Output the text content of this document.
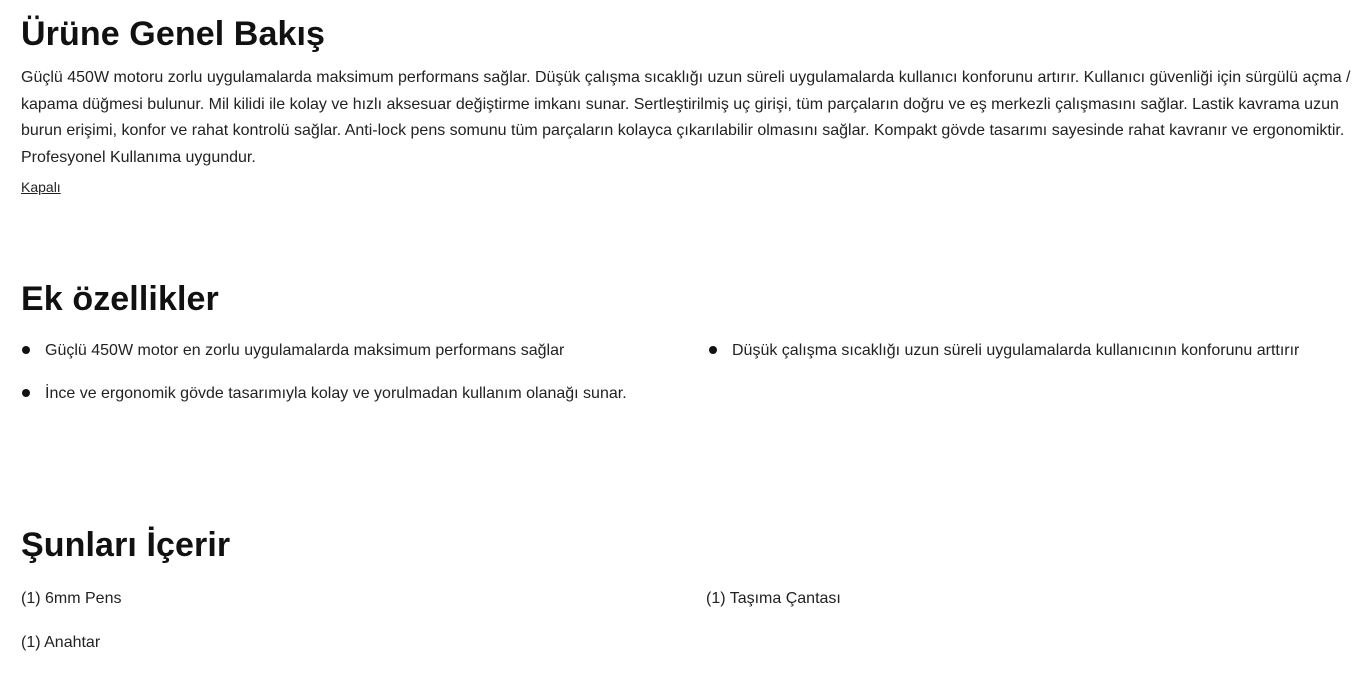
Ürüne Genel Bakış

Güçlü 450W motoru zorlu uygulamalarda maksimum performans sağlar. Düşük çalışma sıcaklığı uzun süreli uygulamalarda kullanıcı konforunu artırır. Kullanıcı güvenliği için sürgülü açma / kapama düğmesi bulunur. Mil kilidi ile kolay ve hızlı aksesuar değiştirme imkanı sunar. Sertleştirilmiş uç girişi, tüm parçaların doğru ve eş merkezli çalışmasını sağlar. Lastik kavrama uzun burun erişimi, konfor ve rahat kontrolü sağlar. Anti-lock pens somunu tüm parçaların kolayca çıkarılabilir olmasını sağlar. Kompakt gövde tasarımı sayesinde rahat kavranır ve ergonomiktir. Profesyonel Kullanıma uygundur.

Kapalı
Ek özellikler
Güçlü 450W motor en zorlu uygulamalarda maksimum performans sağlar	Düşük çalışma sıcaklığı uzun süreli uygulamalarda kullanıcının konforunu arttırır
İnce ve ergonomik gövde tasarımıyla kolay ve yorulmadan kullanım olanağı sunar.
Şunları İçerir
(1) 6mm Pens	(1) Taşıma Çantası
(1) Anahtar
